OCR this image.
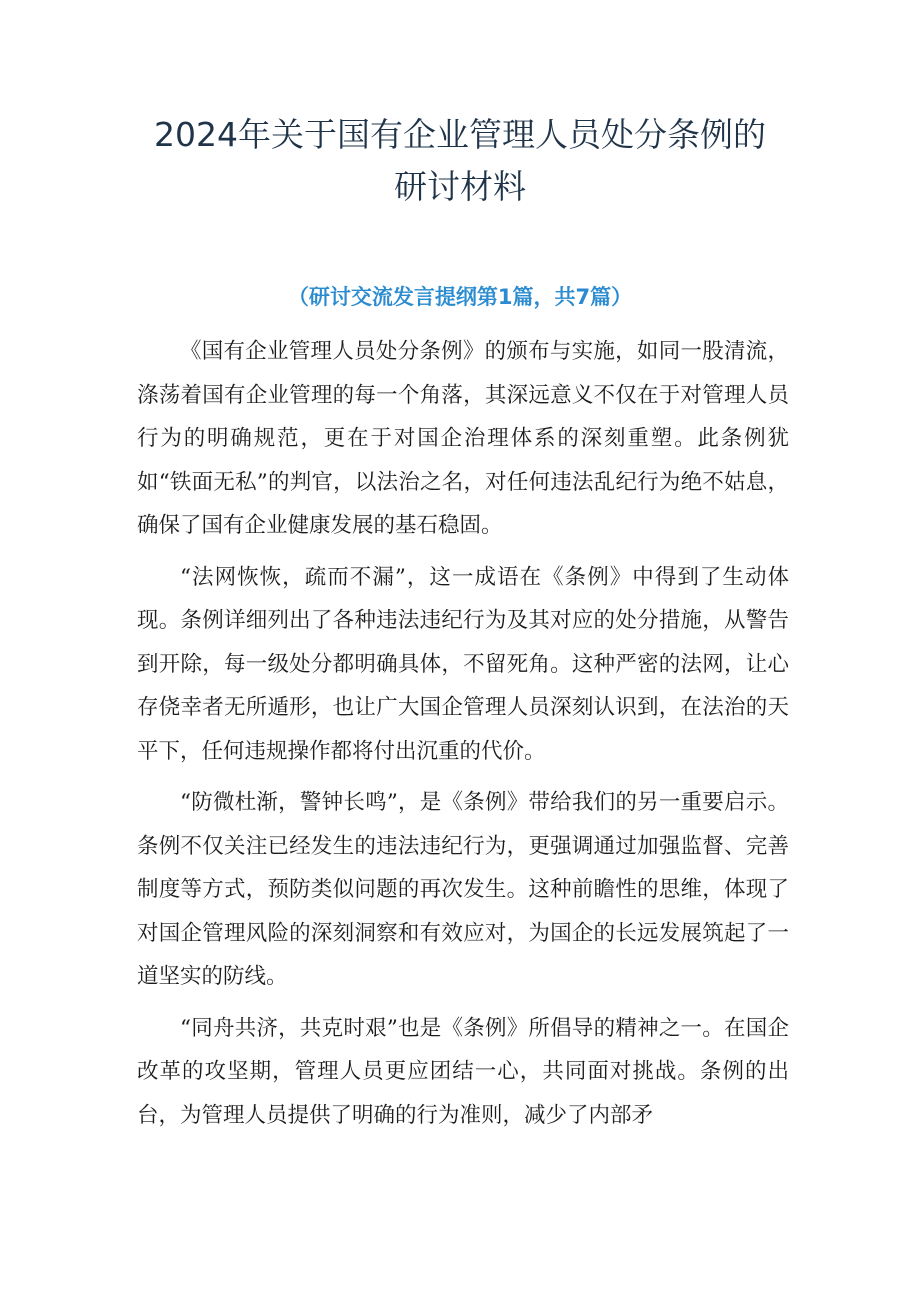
2024年关于国有企业管理人员处分条例的
研讨材料
（研讨交流发言提纲第1篇，共7篇）

《国有企业管理人员处分条例》的颁布与实施，如同一股清流，涤荡着国有企业管理的每一个角落，其深远意义不仅在于对管理人员行为的明确规范，更在于对国企治理体系的深刻重塑。此条例犹如“铁面无私”的判官，以法治之名，对任何违法乱纪行为绝不姑息，确保了国有企业健康发展的基石稳固。

“法网恢恢，疏而不漏”，这一成语在《条例》中得到了生动体现。条例详细列出了各种违法违纪行为及其对应的处分措施，从警告到开除，每一级处分都明确具体，不留死角。这种严密的法网，让心存侥幸者无所遁形，也让广大国企管理人员深刻认识到，在法治的天平下，任何违规操作都将付出沉重的代价。

“防微杜渐，警钟长鸣”，是《条例》带给我们的另一重要启示。条例不仅关注已经发生的违法违纪行为，更强调通过加强监督、完善制度等方式，预防类似问题的再次发生。这种前瞻性的思维，体现了对国企管理风险的深刻洞察和有效应对，为国企的长远发展筑起了一道坚实的防线。

“同舟共济，共克时艰”也是《条例》所倡导的精神之一。在国企改革的攻坚期，管理人员更应团结一心，共同面对挑战。条例的出台，为管理人员提供了明确的行为准则，减少了内部矛
